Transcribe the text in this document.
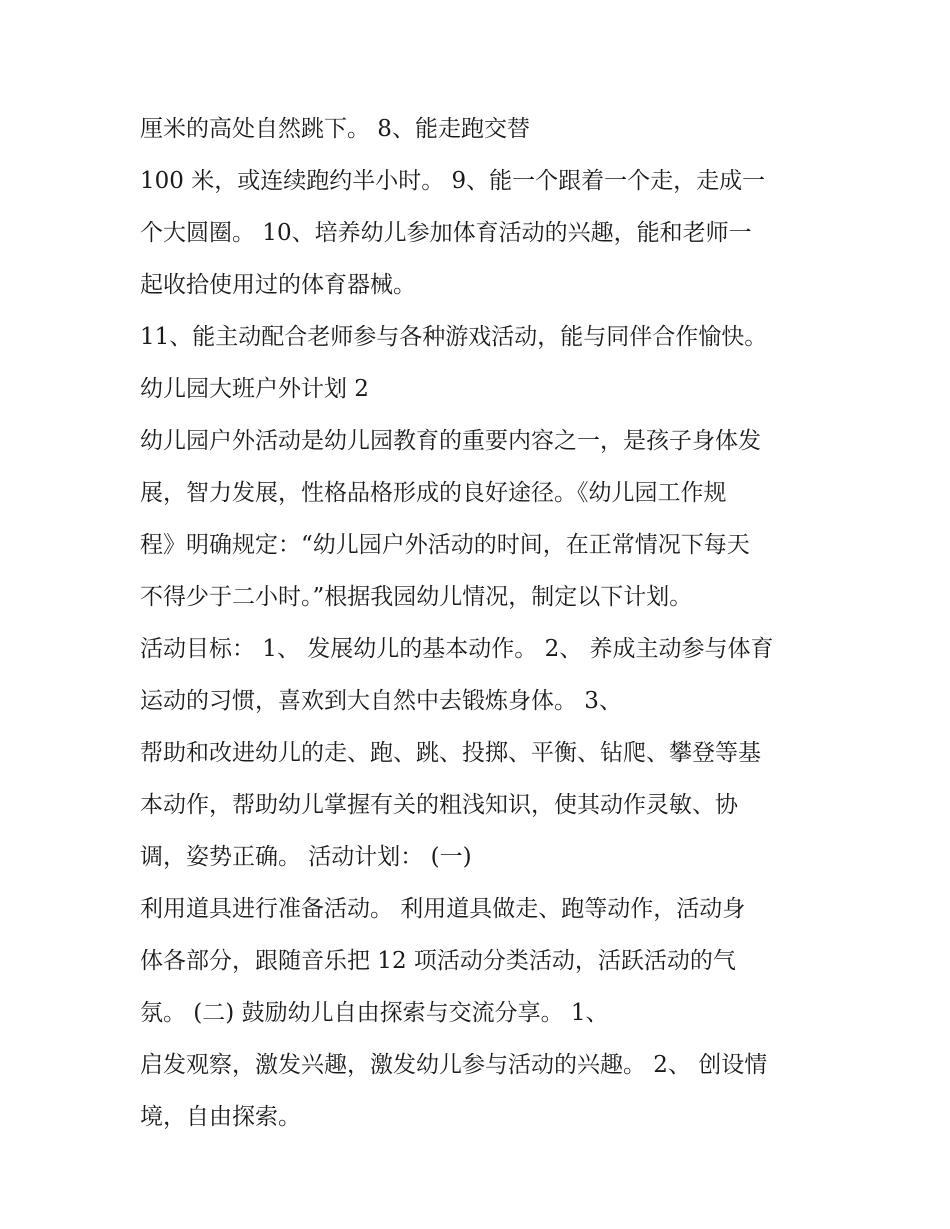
厘米的高处自然跳下。 8、能走跑交替
100 米，或连续跑约半小时。 9、能一个跟着一个走，走成一
个大圆圈。 10、培养幼儿参加体育活动的兴趣，能和老师一
起收拾使用过的体育器械。
11、能主动配合老师参与各种游戏活动，能与同伴合作愉快。
幼儿园大班户外计划 2
幼儿园户外活动是幼儿园教育的重要内容之一，是孩子身体发
展，智力发展，性格品格形成的良好途径。《幼儿园工作规
程》明确规定：“幼儿园户外活动的时间，在正常情况下每天
不得少于二小时。”根据我园幼儿情况，制定以下计划。
活动目标： 1、 发展幼儿的基本动作。 2、 养成主动参与体育
运动的习惯，喜欢到大自然中去锻炼身体。 3、
帮助和改进幼儿的走、跑、跳、投掷、平衡、钻爬、攀登等基
本动作，帮助幼儿掌握有关的粗浅知识，使其动作灵敏、协
调，姿势正确。 活动计划： (一)
利用道具进行准备活动。 利用道具做走、跑等动作，活动身
体各部分，跟随音乐把 12 项活动分类活动，活跃活动的气
氛。 (二) 鼓励幼儿自由探索与交流分享。 1、
启发观察，激发兴趣，激发幼儿参与活动的兴趣。 2、 创设情
境，自由探索。
